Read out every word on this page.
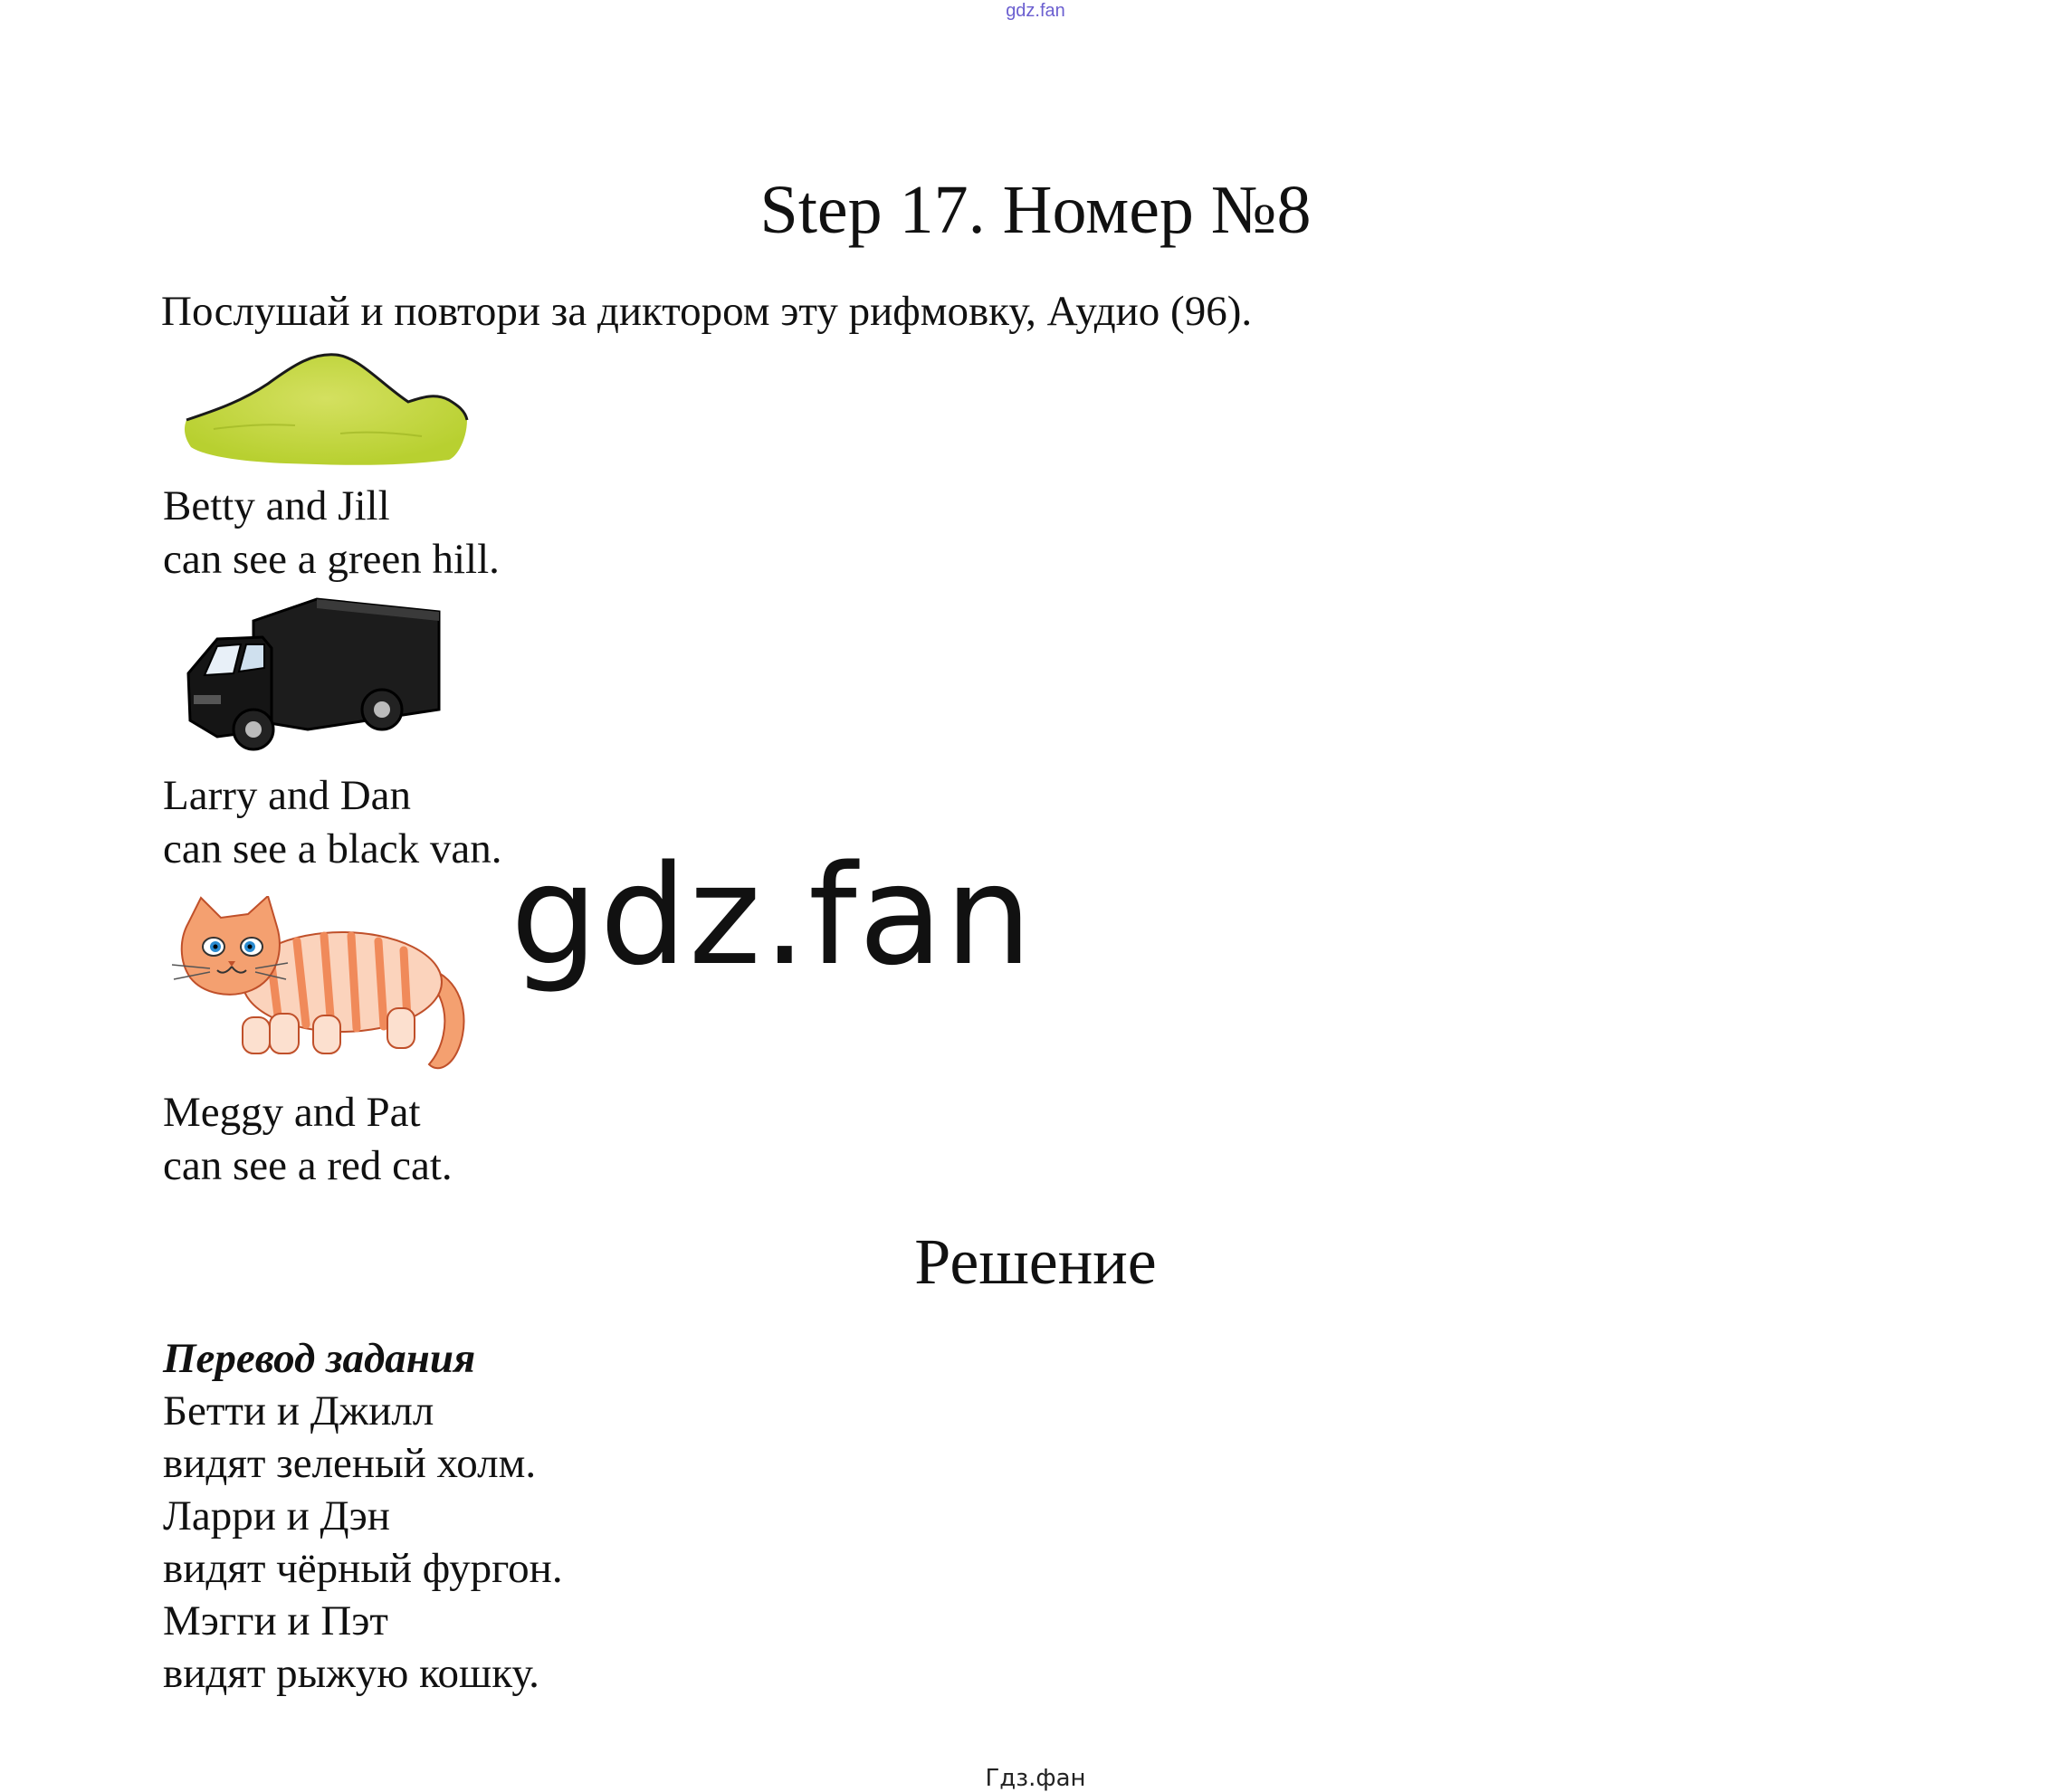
gdz.fan
Step 17. Номер №8
Послушай и повтори за диктором эту рифмовку, Аудио (96).
Betty and Jill
can see a green hill.
Larry and Dan
can see a black van.
Meggy and Pat
can see a red cat.
gdz.fan
Решение
Перевод задания
Бетти и Джилл
видят зеленый холм.
Ларри и Дэн
видят чёрный фургон.
Мэгги и Пэт
видят рыжую кошку.
Гдз.фан
